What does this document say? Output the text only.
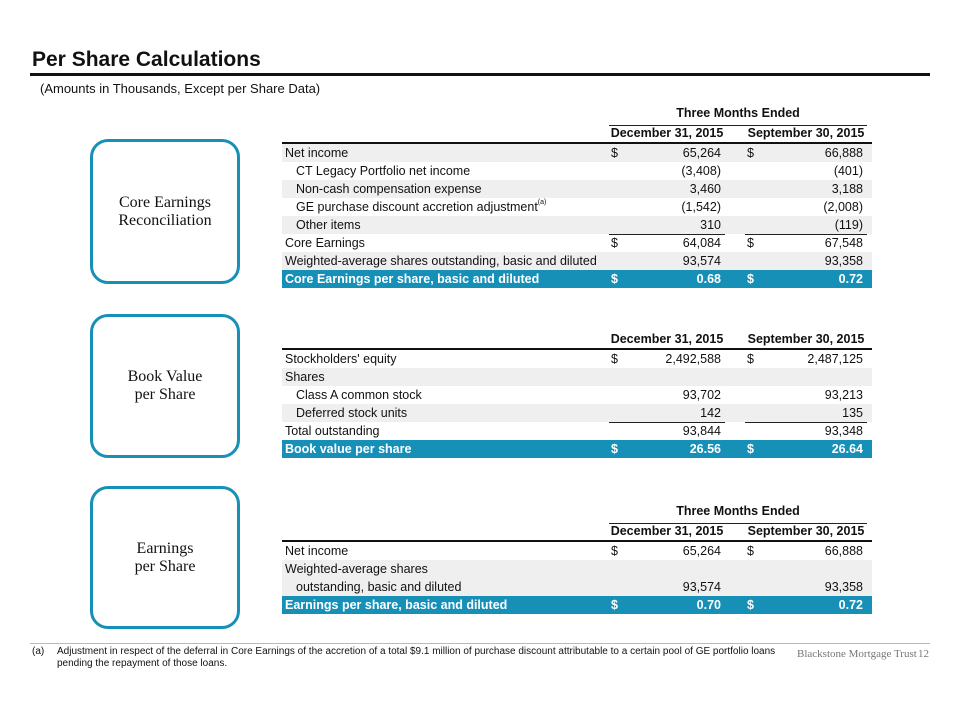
Per Share Calculations
(Amounts in Thousands, Except per Share Data)
Core Earnings
Reconciliation
Three Months Ended
December 31, 2015 September 30, 2015
Net income	$	65,264 $	66,888
CT Legacy Portfolio net income	(3,408)	(401)
Non-cash compensation expense	3,460	3,188
GE purchase discount accretion adjustment$^{(a)}$	(1,542)	(2,008)
Other items	310	(119)
Core Earnings	$	64,084 $	67,548
Weighted-average shares outstanding, basic and diluted	93,574	93,358
Core Earnings per share, basic and diluted	$	0.68 $	0.72
Book Value
per Share
December 31, 2015 September 30, 2015
Stockholders' equity	$	2,492,588 $	2,487,125
Shares
Class A common stock	93,702	93,213
Deferred stock units	142	135
Total outstanding	93,844	93,348
Book value per share	$	26.56 $	26.64
Earnings
per Share
Three Months Ended
December 31, 2015 September 30, 2015
Net income	$	65,264 $	66,888
Weighted-average shares
outstanding, basic and diluted	93,574	93,358
Earnings per share, basic and diluted	$	0.70 $	0.72
(a) Adjustment in respect of the deferral in Core Earnings of the accretion of a total $9.1 million of purchase discount attributable to a certain pool of GE portfolio loans pending the repayment of those loans.
Blackstone Mortgage Trust 12
